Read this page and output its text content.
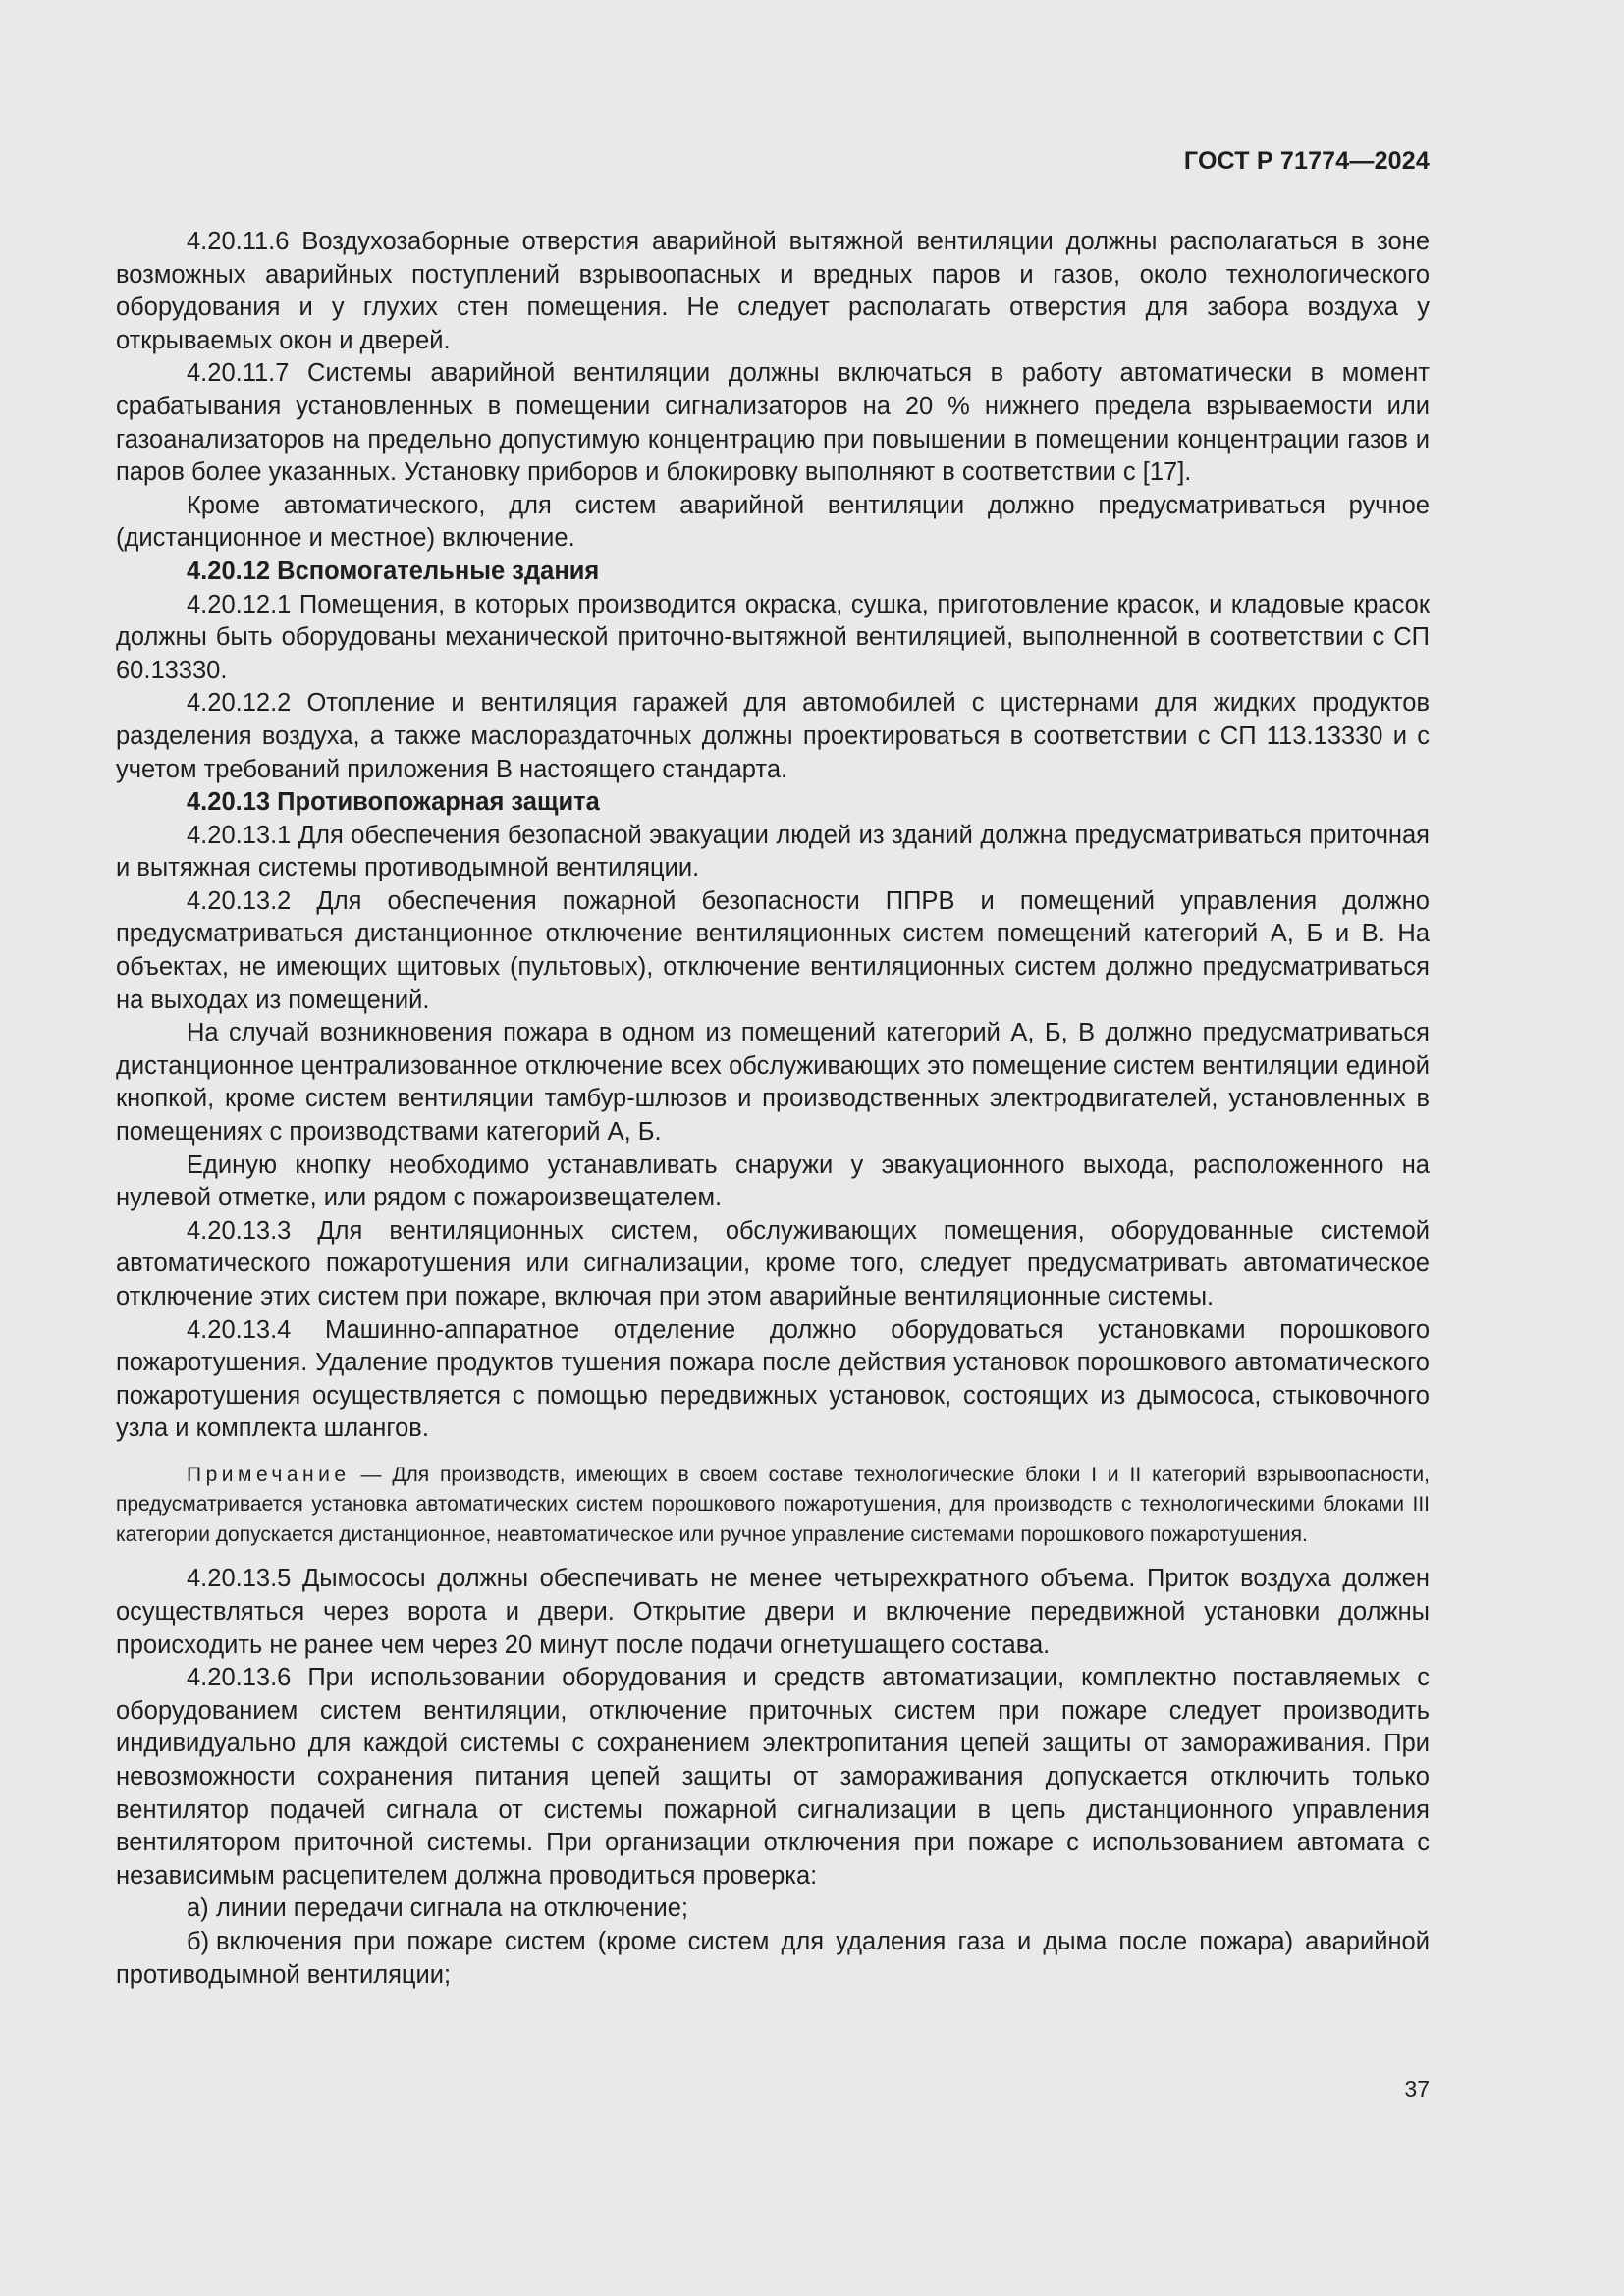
ГОСТ Р 71774—2024

4.20.11.6 Воздухозаборные отверстия аварийной вытяжной вентиляции должны располагаться в зоне возможных аварийных поступлений взрывоопасных и вредных паров и газов, около технологического оборудования и у глухих стен помещения. Не следует располагать отверстия для забора воздуха у открываемых окон и дверей.

4.20.11.7 Системы аварийной вентиляции должны включаться в работу автоматически в момент срабатывания установленных в помещении сигнализаторов на 20 % нижнего предела взрываемости или газоанализаторов на предельно допустимую концентрацию при повышении в помещении концентрации газов и паров более указанных. Установку приборов и блокировку выполняют в соответствии с [17].

Кроме автоматического, для систем аварийной вентиляции должно предусматриваться ручное (дистанционное и местное) включение.

4.20.12 Вспомогательные здания

4.20.12.1 Помещения, в которых производится окраска, сушка, приготовление красок, и кладовые красок должны быть оборудованы механической приточно-вытяжной вентиляцией, выполненной в соответствии с СП 60.13330.

4.20.12.2 Отопление и вентиляция гаражей для автомобилей с цистернами для жидких продуктов разделения воздуха, а также маслораздаточных должны проектироваться в соответствии с СП 113.13330 и с учетом требований приложения В настоящего стандарта.

4.20.13 Противопожарная защита

4.20.13.1 Для обеспечения безопасной эвакуации людей из зданий должна предусматриваться приточная и вытяжная системы противодымной вентиляции.

4.20.13.2 Для обеспечения пожарной безопасности ППРВ и помещений управления должно предусматриваться дистанционное отключение вентиляционных систем помещений категорий А, Б и В. На объектах, не имеющих щитовых (пультовых), отключение вентиляционных систем должно предусматриваться на выходах из помещений.

На случай возникновения пожара в одном из помещений категорий А, Б, В должно предусматриваться дистанционное централизованное отключение всех обслуживающих это помещение систем вентиляции единой кнопкой, кроме систем вентиляции тамбур-шлюзов и производственных электродвигателей, установленных в помещениях с производствами категорий А, Б.

Единую кнопку необходимо устанавливать снаружи у эвакуационного выхода, расположенного на нулевой отметке, или рядом с пожароизвещателем.

4.20.13.3 Для вентиляционных систем, обслуживающих помещения, оборудованные системой автоматического пожаротушения или сигнализации, кроме того, следует предусматривать автоматическое отключение этих систем при пожаре, включая при этом аварийные вентиляционные системы.

4.20.13.4 Машинно-аппаратное отделение должно оборудоваться установками порошкового пожаротушения. Удаление продуктов тушения пожара после действия установок порошкового автоматического пожаротушения осуществляется с помощью передвижных установок, состоящих из дымососа, стыковочного узла и комплекта шлангов.

Примечание — Для производств, имеющих в своем составе технологические блоки I и II категорий взрывоопасности, предусматривается установка автоматических систем порошкового пожаротушения, для производств с технологическими блоками III категории допускается дистанционное, неавтоматическое или ручное управление системами порошкового пожаротушения.

4.20.13.5 Дымососы должны обеспечивать не менее четырехкратного объема. Приток воздуха должен осуществляться через ворота и двери. Открытие двери и включение передвижной установки должны происходить не ранее чем через 20 минут после подачи огнетушащего состава.

4.20.13.6 При использовании оборудования и средств автоматизации, комплектно поставляемых с оборудованием систем вентиляции, отключение приточных систем при пожаре следует производить индивидуально для каждой системы с сохранением электропитания цепей защиты от замораживания. При невозможности сохранения питания цепей защиты от замораживания допускается отключить только вентилятор подачей сигнала от системы пожарной сигнализации в цепь дистанционного управления вентилятором приточной системы. При организации отключения при пожаре с использованием автомата с независимым расцепителем должна проводиться проверка:

а) линии передачи сигнала на отключение;

б) включения при пожаре систем (кроме систем для удаления газа и дыма после пожара) аварийной противодымной вентиляции;

37
